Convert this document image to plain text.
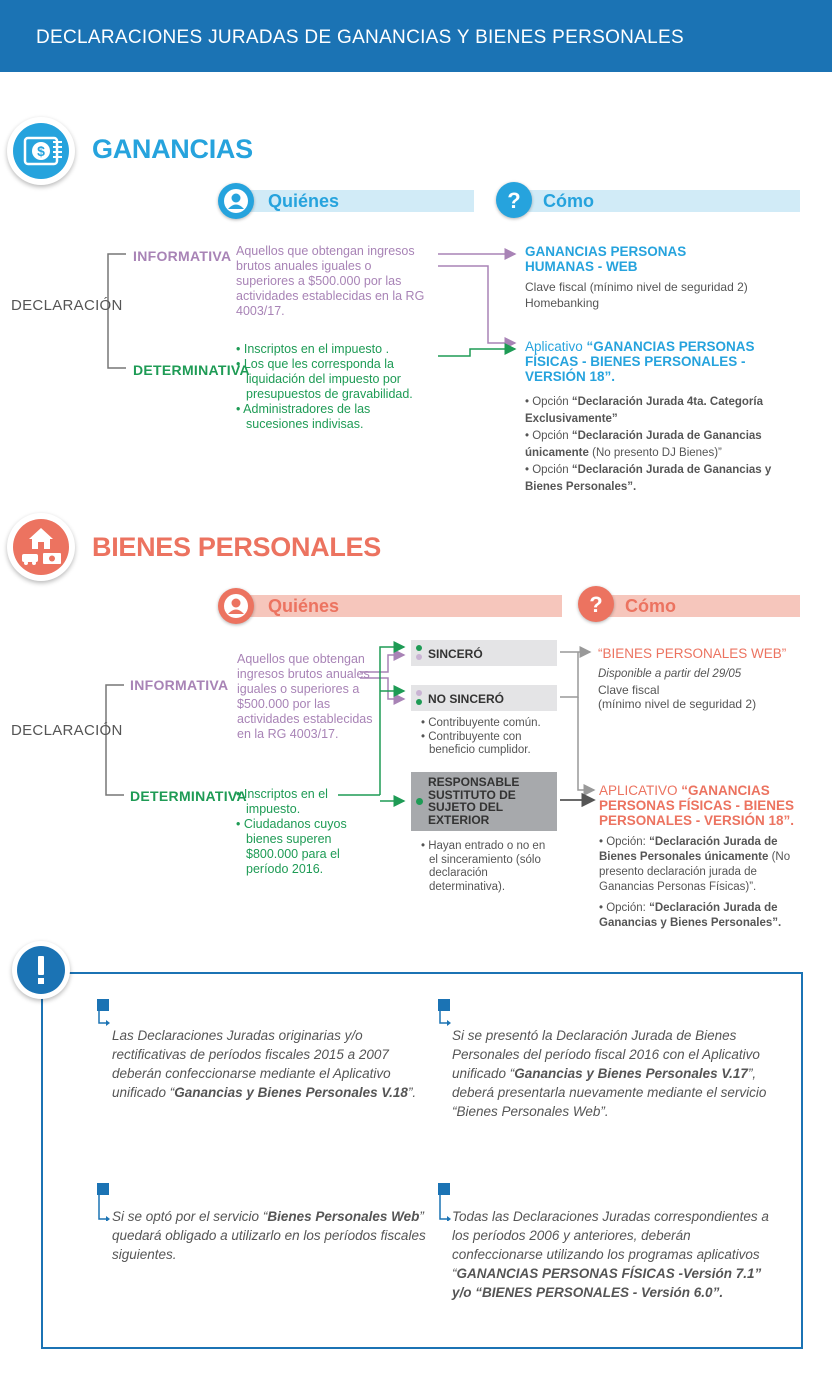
DECLARACIONES JURADAS DE GANANCIAS Y BIENES PERSONALES
$ GANANCIAS
Quiénes	? Cómo
DECLARACIÓN
INFORMATIVA
DETERMINATIVA
Aquellos que obtengan ingresos brutos anuales iguales o superiores a $500.000 por las actividades establecidas en la RG 4003/17.
• Inscriptos en el impuesto .
• Los que les corresponda la liquidación del impuesto por presupuestos de gravabilidad.
• Administradores de las sucesiones indivisas.
GANANCIAS PERSONAS HUMANAS - WEB
Clave fiscal (mínimo nivel de seguridad 2)
Homebanking
Aplicativo “GANANCIAS PERSONAS FÍSICAS - BIENES PERSONALES - VERSIÓN 18”.
• Opción “Declaración Jurada 4ta. Categoría Exclusivamente”
• Opción “Declaración Jurada de Ganancias únicamente (No presento DJ Bienes)”
• Opción “Declaración Jurada de Ganancias y Bienes Personales”.
BIENES PERSONALES
Quiénes	? Cómo
DECLARACIÓN
INFORMATIVA
DETERMINATIVA
Aquellos que obtengan ingresos brutos anuales iguales o superiores a $500.000 por las actividades establecidas en la RG 4003/17.
• Inscriptos en el impuesto.
• Ciudadanos cuyos bienes superen $800.000 para el período 2016.
SINCERÓ
NO SINCERÓ
• Contribuyente común.
• Contribuyente con beneficio cumplidor.
RESPONSABLE SUSTITUTO DE SUJETO DEL EXTERIOR
• Hayan entrado o no en el sinceramiento (sólo declaración determinativa).
“BIENES PERSONALES WEB”
Disponible a partir del 29/05
Clave fiscal
(mínimo nivel de seguridad 2)
APLICATIVO “GANANCIAS PERSONAS FÍSICAS - BIENES PERSONALES - VERSIÓN 18”.
• Opción: “Declaración Jurada de Bienes Personales únicamente (No presento declaración jurada de Ganancias Personas Físicas)”.
• Opción: “Declaración Jurada de Ganancias y Bienes Personales”.
Las Declaraciones Juradas originarias y/o rectificativas de períodos fiscales 2015 a 2007 deberán confeccionarse mediante el Aplicativo unificado “Ganancias y Bienes Personales V.18”.
Si se presentó la Declaración Jurada de Bienes Personales del período fiscal 2016 con el Aplicativo unificado “Ganancias y Bienes Personales V.17”, deberá presentarla nuevamente mediante el servicio “Bienes Personales Web”.
Si se optó por el servicio “Bienes Personales Web” quedará obligado a utilizarlo en los períodos fiscales siguientes.
Todas las Declaraciones Juradas correspondientes a los períodos 2006 y anteriores, deberán confeccionarse utilizando los programas aplicativos “GANANCIAS PERSONAS FÍSICAS -Versión 7.1” y/o “BIENES PERSONALES - Versión 6.0”.
